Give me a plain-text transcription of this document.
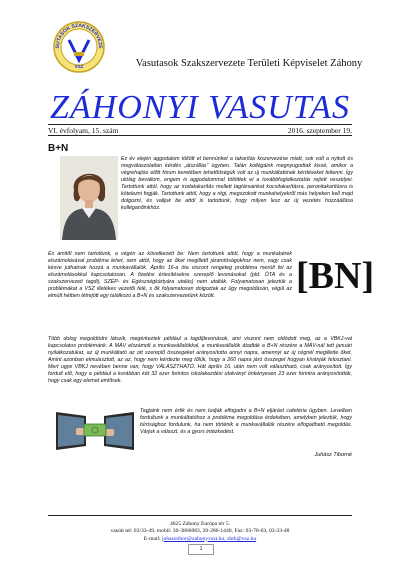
SUTASOK SZAKSZERVEZE
VSZ	Vasutasok Szakszervezete Területi Képviselet Záhony
ZÁHONYI VASUTAS
VI. évfolyam, 15. szám	2016. szeptember 19.
B+N
Ez év elején aggodalom töltött el bennünket a takarítás kiszervezése miatt, sok volt a nyitott és megválaszolatlan kérdés „átszállás” ügyben. Talán kollégáink megnyugodtak kissé, amikor a végrehajtás előtt fórum keretében tehetődségük volt az új munkáltatónak kérdéseket feltenni. Így utólag bevallom, engem is aggodalommal töltöttek el a továbbfoglalkoztatás rejtett veszélyei. Tartottunk attól, hogy az irodatakarítás mellett tagtársainkat kocsitakarításra, peronitakarításra is kötelezni fogják. Tartottunk attól, hogy a régi, megszokott munkahelyekről más helyeken kell majd dolgozni, és valljuk be attól is tartottunk, hogy milyen lesz az új vezetés hozzáállása kolléganőinkhöz.
És amitől nem tartottunk, a végén az következett be: Nem tartottunk attól, hogy a munkabérek elszámolásával probléma lehet, sem attól, hogy az őket megillető járandóságokhoz nem, vagy csak késve juthatnak hozzá a munkavállalók. Április 16-a óta viszont rengeteg probléma merült fel az elszámolásokkal kapcsolatosan. A fizetési értesítésekre szereplő levonásokat (pld. ÖTA és a szakszervezeti tagdíj, SZÉP- és Egészségkártyára utalás) nem utalták. Folyamatosan jeleztük a problémákat a VSZ illetékes vezetői felé, s ők folyamatosan dolgoztak az ügy megoldásán, végül az elmúlt hétben létrejött egy találkozó a B+N és szakszervezetünk között.	[BN]
Több dolog megoldódni látszik, megérkeztek például a tagdíjlevonások, ami viszont nem oldódott meg, az a VBKJ-val kapcsolatos problémánk. A MÁV elszámolt a munkavállalókkal, a munkavállalók átadták a B+N részére a MÁV-nál tett januári nyilatkozatukat, az új munkáltató az ott szereplő összegeket arányosította annyi napra, amennyi az új cégnél megillette őket. Amint azonban elmulasztott, az az, hogy nem kérdezte meg tőlük, hogy a 260 napra járó összeget hogyan kívánják felosztani. Mert ugye VBKJ nevében benne van, hogy VÁLASZTHATÓ. Hát április 16. után nem volt választható, csak arányosított. Így fordult elő, hogy a például a korábban két 32 ezer forintos iskolakezdési utalványt önkényesen 23 ezer forintra arányosították, hogy csak egy elemet említsek.
Tagjaink nem értik és nem tudják elfogadni a B+N eljárást cafetéria ügyben. Levelben fordultunk a munkáltatóhoz a probléma megoldása érdekében, amelyben jeleztük, hogy bírósághoz fordulunk, ha nem történik a munkavállalók részére elfogadható megoldás. Várjuk a választ, és a gyors intézkedést.
Juhász Tiborné
4625 Záhony Európa tér 5.
vasúti tel: 03/33-49, mobil: 30-3866083, 20-286-1440, Fax: 03-70-63, 03-33-48
E-mail: juhasztibor@zahonyvszt.hu, zhth@vsz.hu
1
